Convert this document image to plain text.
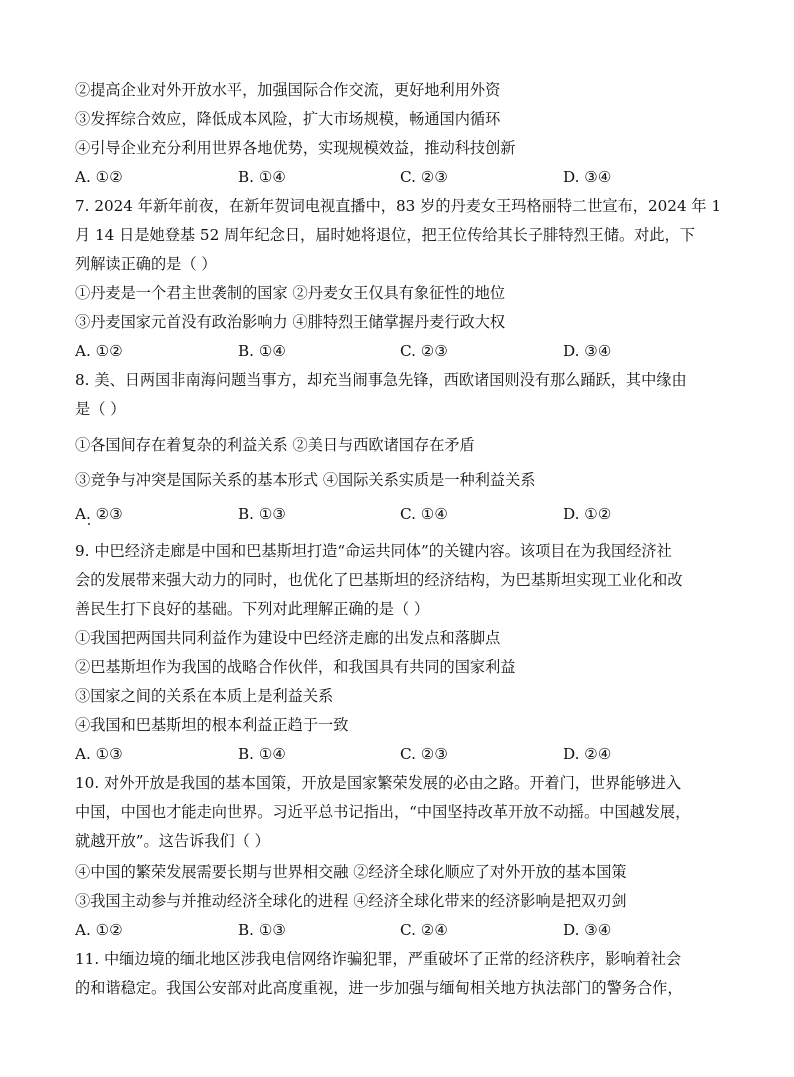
②提高企业对外开放水平，加强国际合作交流，更好地利用外资
③发挥综合效应，降低成本风险，扩大市场规模，畅通国内循环
④引导企业充分利用世界各地优势，实现规模效益，推动科技创新
A. ①②	B. ①④	C. ②③	D. ③④
7. 2024 年新年前夜，在新年贺词电视直播中，83 岁的丹麦女王玛格丽特二世宣布，2024 年 1
月 14 日是她登基 52 周年纪念日，届时她将退位，把王位传给其长子腓特烈王储。对此，下
列解读正确的是（ ）
①丹麦是一个君主世袭制的国家 ②丹麦女王仅具有象征性的地位
③丹麦国家元首没有政治影响力 ④腓特烈王储掌握丹麦行政大权
A. ①②	B. ①④	C. ②③	D. ③④
8. 美、日两国非南海问题当事方，却充当闹事急先锋，西欧诸国则没有那么踊跃，其中缘由
是（ ）
①各国间存在着复杂的利益关系 ②美日与西欧诸国存在矛盾
③竞争与冲突是国际关系的基本形式 ④国际关系实质是一种利益关系
A. ②③	B. ①③	C. ①④	D. ①②
9. 中巴经济走廊是中国和巴基斯坦打造“命运共同体”的关键内容。该项目在为我国经济社
会的发展带来强大动力的同时，也优化了巴基斯坦的经济结构，为巴基斯坦实现工业化和改
善民生打下良好的基础。下列对此理解正确的是（ ）
①我国把两国共同利益作为建设中巴经济走廊的出发点和落脚点
②巴基斯坦作为我国的战略合作伙伴，和我国具有共同的国家利益
③国家之间的关系在本质上是利益关系
④我国和巴基斯坦的根本利益正趋于一致
A. ①③	B. ①④	C. ②③	D. ②④
10. 对外开放是我国的基本国策，开放是国家繁荣发展的必由之路。开着门，世界能够进入
中国，中国也才能走向世界。习近平总书记指出，“中国坚持改革开放不动摇。中国越发展，
就越开放”。这告诉我们（ ）
④中国的繁荣发展需要长期与世界相交融 ②经济全球化顺应了对外开放的基本国策
③我国主动参与并推动经济全球化的进程 ④经济全球化带来的经济影响是把双刃剑
A. ①②	B. ①③	C. ②④	D. ③④
11. 中缅边境的缅北地区涉我电信网络诈骗犯罪，严重破坏了正常的经济秩序，影响着社会
的和谐稳定。我国公安部对此高度重视，进一步加强与缅甸相关地方执法部门的警务合作，
